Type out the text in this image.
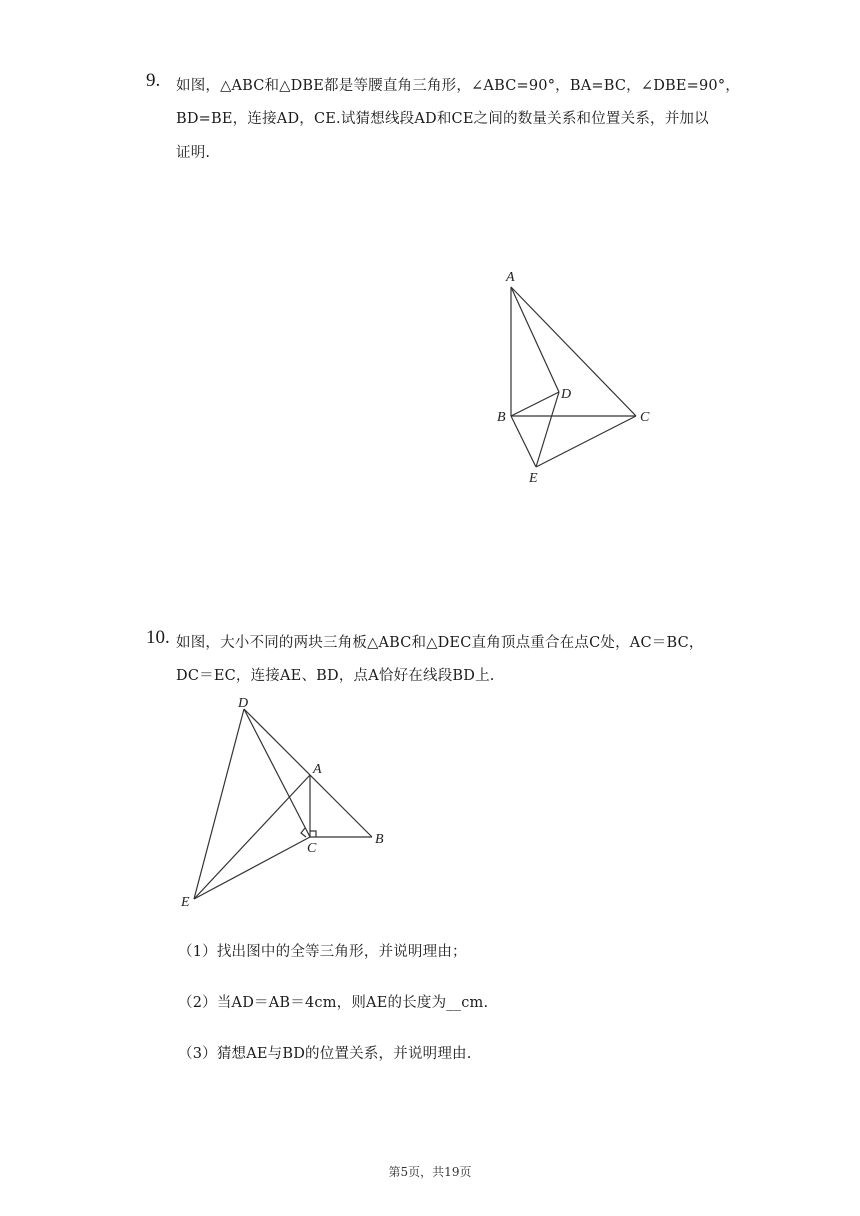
9. 如图，△ABC和△DBE都是等腰直角三角形，∠ABC=90°，BA=BC，∠DBE=90°，
BD=BE，连接AD，CE.试猜想线段AD和CE之间的数量关系和位置关系，并加以
证明.
A
B	C
D
E
10. 如图，大小不同的两块三角板△ABC和△DEC直角顶点重合在点C处，AC＝BC，
DC＝EC，连接AE、BD，点A恰好在线段BD上.
D
A
C
B
E
（1）找出图中的全等三角形，并说明理由；
（2）当AD＝AB＝4cm，则AE的长度为__cm.
（3）猜想AE与BD的位置关系，并说明理由.
第5页，共19页
